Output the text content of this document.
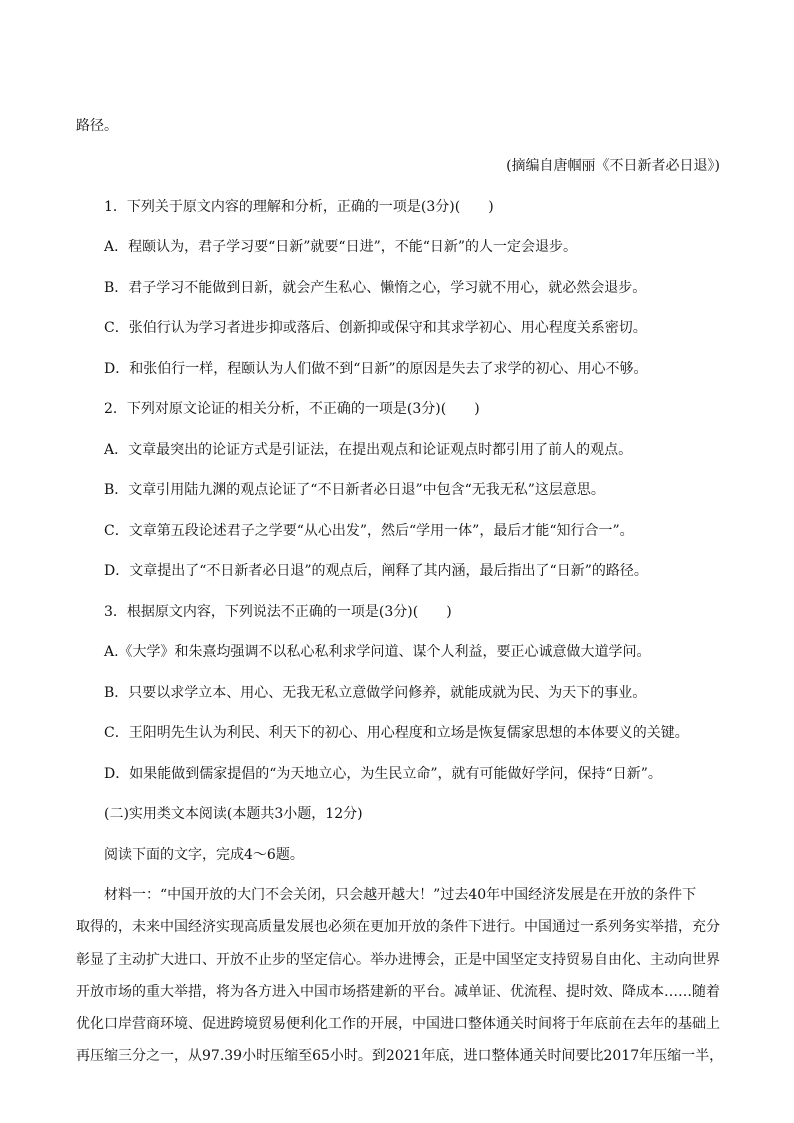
路径。
(摘编自唐帼丽《不日新者必日退》)
1．下列关于原文内容的理解和分析，正确的一项是(3分)(　　)
A．程颐认为，君子学习要“日新”就要“日进”，不能“日新”的人一定会退步。
B．君子学习不能做到日新，就会产生私心、懒惰之心，学习就不用心，就必然会退步。
C．张伯行认为学习者进步抑或落后、创新抑或保守和其求学初心、用心程度关系密切。
D．和张伯行一样，程颐认为人们做不到“日新”的原因是失去了求学的初心、用心不够。
2．下列对原文论证的相关分析，不正确的一项是(3分)(　　)
A．文章最突出的论证方式是引证法，在提出观点和论证观点时都引用了前人的观点。
B．文章引用陆九渊的观点论证了“不日新者必日退”中包含“无我无私”这层意思。
C．文章第五段论述君子之学要“从心出发”，然后“学用一体”，最后才能“知行合一”。
D．文章提出了“不日新者必日退”的观点后，阐释了其内涵，最后指出了“日新”的路径。
3．根据原文内容，下列说法不正确的一项是(3分)(　　)
A.《大学》和朱熹均强调不以私心私利求学问道、谋个人利益，要正心诚意做大道学问。
B．只要以求学立本、用心、无我无私立意做学问修养，就能成就为民、为天下的事业。
C．王阳明先生认为利民、利天下的初心、用心程度和立场是恢复儒家思想的本体要义的关键。
D．如果能做到儒家提倡的“为天地立心，为生民立命”，就有可能做好学问，保持“日新”。
(二)实用类文本阅读(本题共3小题，12分)
阅读下面的文字，完成4～6题。
材料一：“中国开放的大门不会关闭，只会越开越大！”过去40年中国经济发展是在开放的条件下
取得的，未来中国经济实现高质量发展也必须在更加开放的条件下进行。中国通过一系列务实举措，充分
彰显了主动扩大进口、开放不止步的坚定信心。举办进博会，正是中国坚定支持贸易自由化、主动向世界
开放市场的重大举措，将为各方进入中国市场搭建新的平台。减单证、优流程、提时效、降成本……随着
优化口岸营商环境、促进跨境贸易便利化工作的开展，中国进口整体通关时间将于年底前在去年的基础上
再压缩三分之一，从97.39小时压缩至65小时。到2021年底，进口整体通关时间要比2017年压缩一半，
